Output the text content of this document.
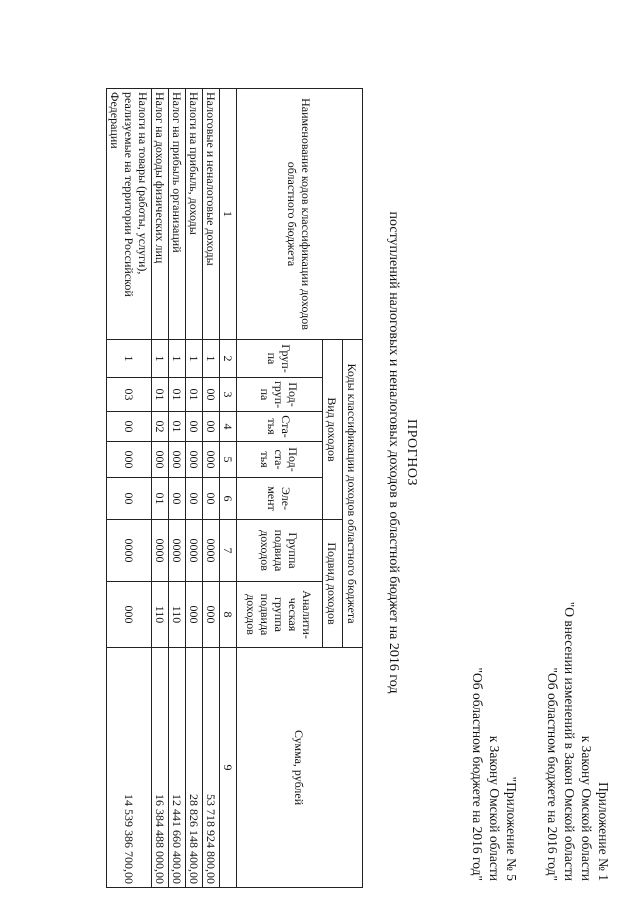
Приложение № 1
к Закону Омской области
"О внесении изменений в Закон Омской области
"Об областном бюджете на 2016 год"
"Приложение № 5
к Закону Омской области
"Об областном бюджете на 2016 год"
ПРОГНОЗ
поступлений налоговых и неналоговых доходов в областной бюджет на 2016 год
Наименование кодов классификации доходов областного бюджета	Коды классификации доходов областного бюджета							Сумма, рублей
	Вид доходов					Подвид доходов		
	Груп-па	Под-груп-па	Ста-тья	Под-ста-тья	Эле-мент	Группа подвида доходов	Аналити-ческая группа подвида доходов	
1	2	3	4	5	6	7	8	9
Налоговые и неналоговые доходы	1	00	00	000	00	0000	000	53 718 924 800,00
Налоги на прибыль, доходы	1	01	00	000	00	0000	000	28 826 148 400,00
Налог на прибыль организаций	1	01	01	000	00	0000	110	12 441 660 400,00
Налог на доходы физических лиц	1	01	02	000	01	0000	110	16 384 488 000,00
Налоги на товары (работы, услуги), реализуемые на территории Российской Федерации	1	03	00	000	00	0000	000	14 539 386 700,00
